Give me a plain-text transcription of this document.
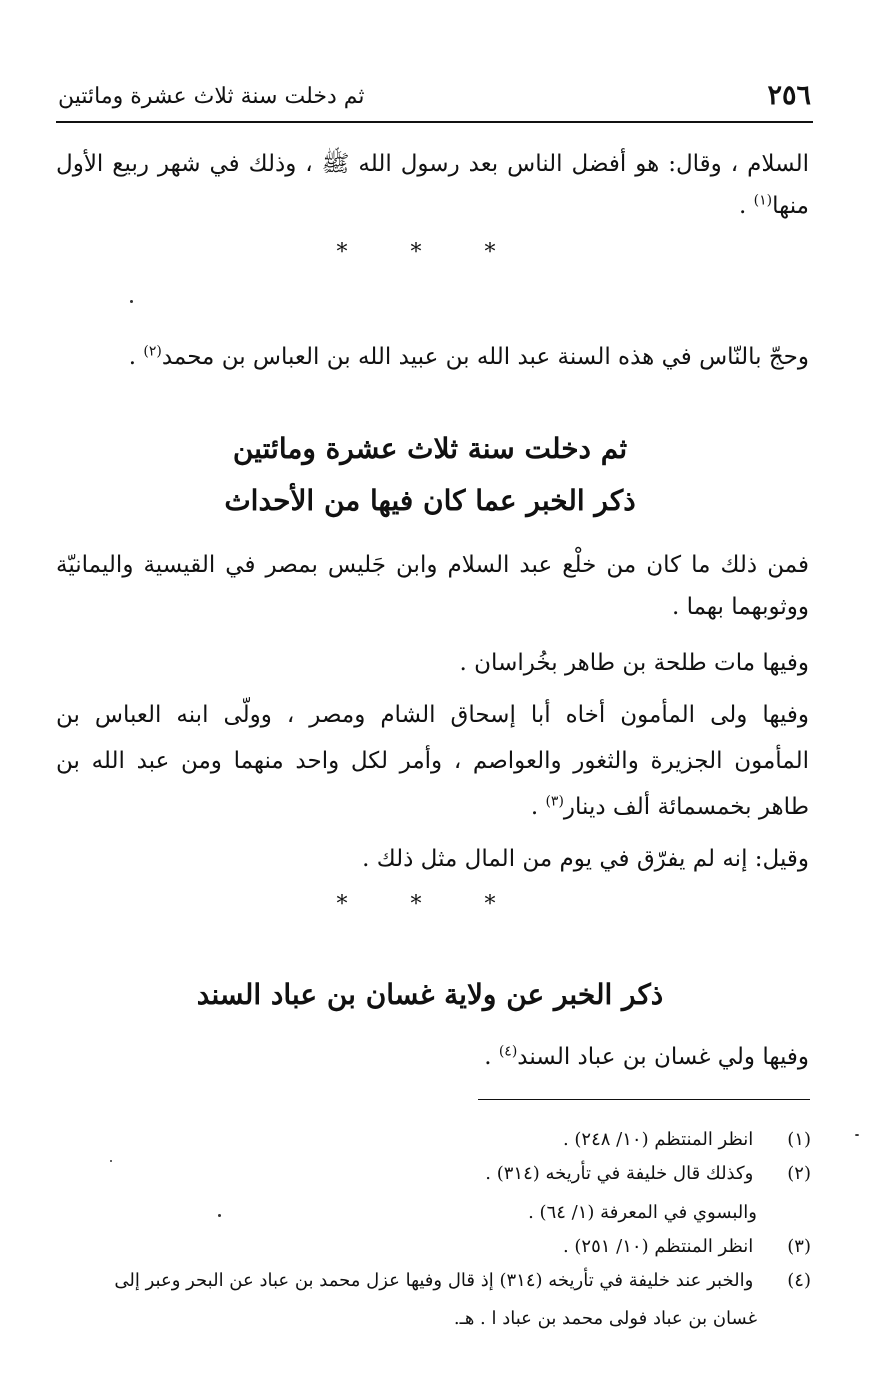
٢٥٦
ثم دخلت سنة ثلاث عشرة ومائتين
السلام ، وقال: هو أفضل الناس بعد رسول الله ﷺ ، وذلك في شهر ربيع الأول
منها$^{(١)}$ .
* * *
وحجّ بالنّاس في هذه السنة عبد الله بن عبيد الله بن العباس بن محمد$^{(٢)}$ .
ثم دخلت سنة ثلاث عشرة ومائتين
ذكر الخبر عما كان فيها من الأحداث
فمن ذلك ما كان من خلْع عبد السلام وابن جَليس بمصر في القيسية واليمانيّة
ووثوبهما بهما .
وفيها مات طلحة بن طاهر بخُراسان .
وفيها ولى المأمون أخاه أبا إسحاق الشام ومصر ، وولّى ابنه العباس بن
المأمون الجزيرة والثغور والعواصم ، وأمر لكل واحد منهما ومن عبد الله بن
طاهر بخمسمائة ألف دينار$^{(٣)}$ .
وقيل: إنه لم يفرّق في يوم من المال مثل ذلك .
* * *
ذكر الخبر عن ولاية غسان بن عباد السند
وفيها ولي غسان بن عباد السند$^{(٤)}$ .
(١) انظر المنتظم (١٠/ ٢٤٨) .
(٢) وكذلك قال خليفة في تأريخه (٣١٤) .
والبسوي في المعرفة (١/ ٦٤) .
(٣) انظر المنتظم (١٠/ ٢٥١) .
(٤) والخبر عند خليفة في تأريخه (٣١٤) إذ قال وفيها عزل محمد بن عباد عن البحر وعبر إلى
غسان بن عباد فولى محمد بن عباد ا . هـ.
